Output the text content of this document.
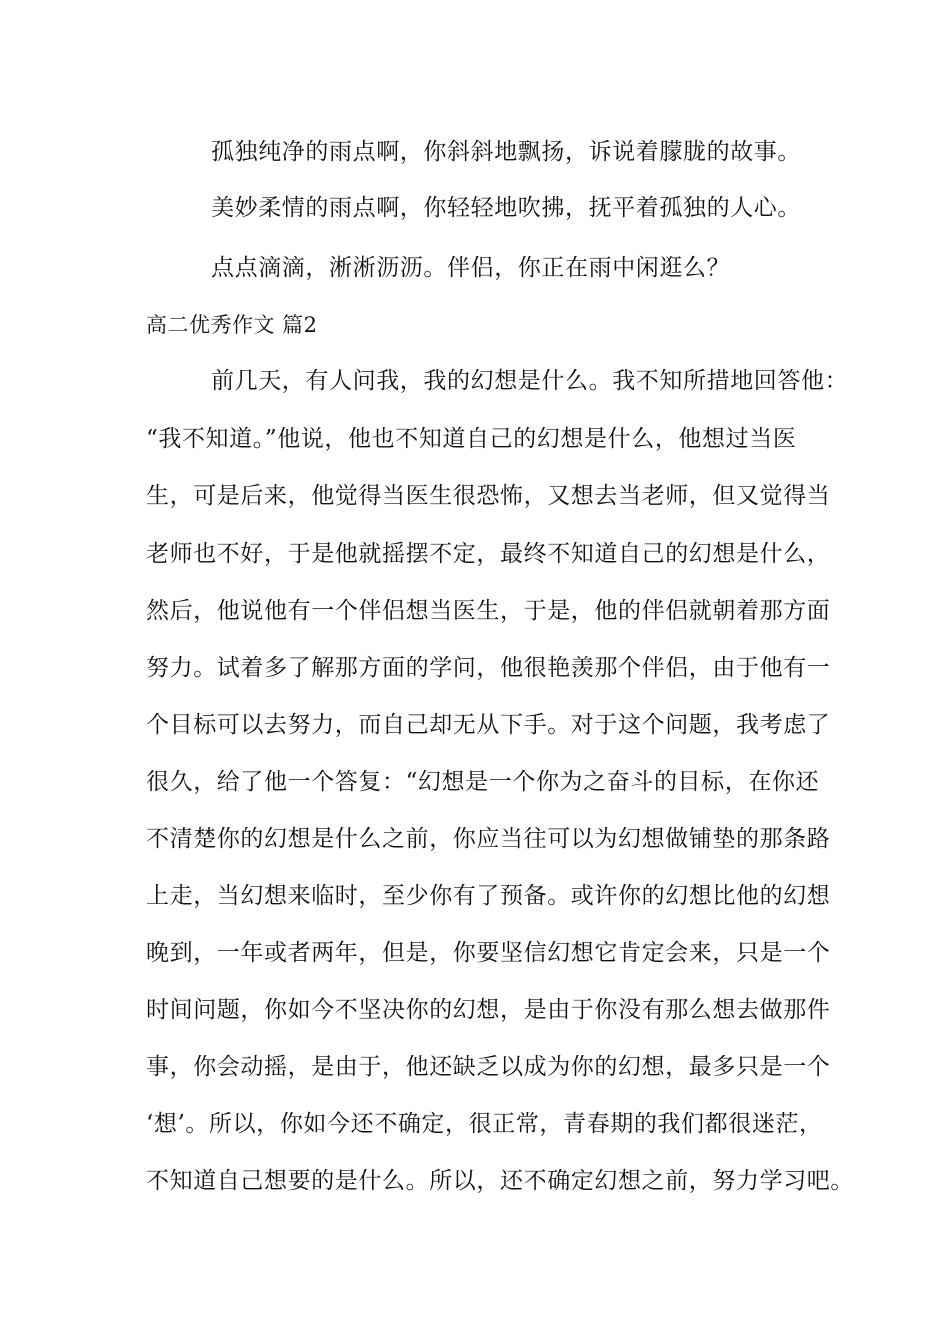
孤独纯净的雨点啊，你斜斜地飘扬，诉说着朦胧的故事。
美妙柔情的雨点啊，你轻轻地吹拂，抚平着孤独的人心。
点点滴滴，淅淅沥沥。伴侣，你正在雨中闲逛么？
高二优秀作文 篇2
前几天，有人问我，我的幻想是什么。我不知所措地回答他：
“我不知道。”他说，他也不知道自己的幻想是什么，他想过当医
生，可是后来，他觉得当医生很恐怖，又想去当老师，但又觉得当
老师也不好，于是他就摇摆不定，最终不知道自己的幻想是什么，
然后，他说他有一个伴侣想当医生，于是，他的伴侣就朝着那方面
努力。试着多了解那方面的学问，他很艳羡那个伴侣，由于他有一
个目标可以去努力，而自己却无从下手。对于这个问题，我考虑了
很久，给了他一个答复：“幻想是一个你为之奋斗的目标，在你还
不清楚你的幻想是什么之前，你应当往可以为幻想做铺垫的那条路
上走，当幻想来临时，至少你有了预备。或许你的幻想比他的幻想
晚到，一年或者两年，但是，你要坚信幻想它肯定会来，只是一个
时间问题，你如今不坚决你的幻想，是由于你没有那么想去做那件
事，你会动摇，是由于，他还缺乏以成为你的幻想，最多只是一个
‘想’。所以，你如今还不确定，很正常，青春期的我们都很迷茫，
不知道自己想要的是什么。所以，还不确定幻想之前，努力学习吧。
